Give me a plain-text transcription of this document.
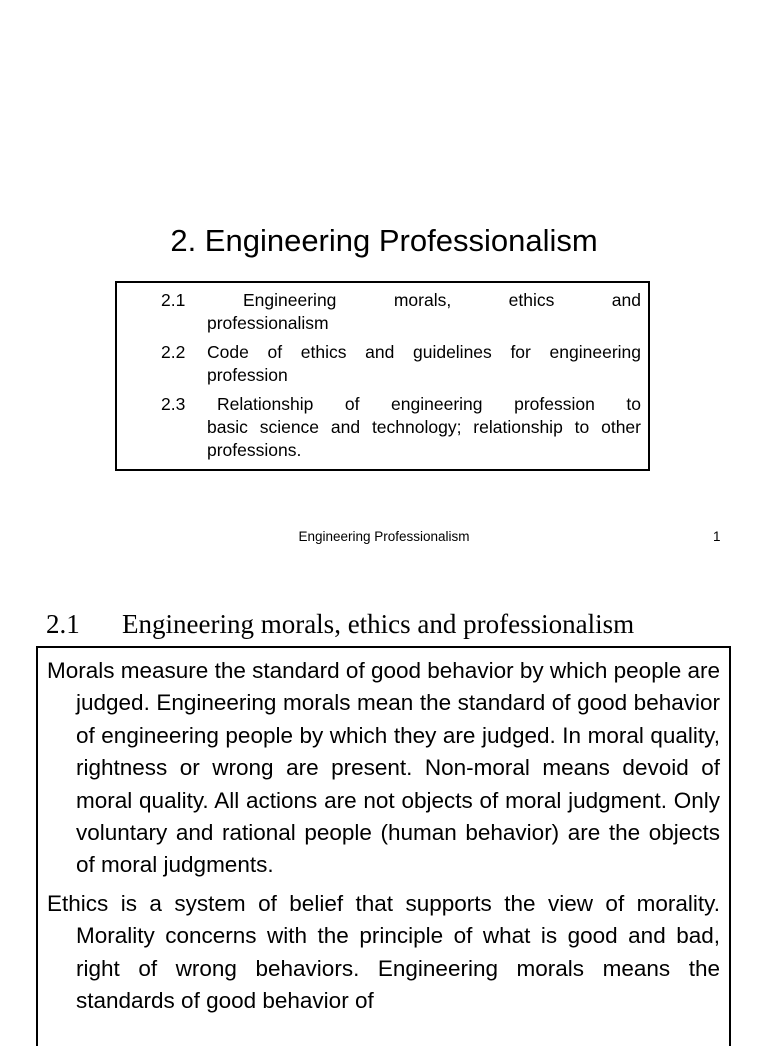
2. Engineering Professionalism
2.1	Engineering	morals,	ethics	and
professionalism
2.2	Code of ethics and guidelines for engineering
profession
2.3	Relationship of engineering profession to
basic science and technology; relationship to other professions.
Engineering Professionalism	1
2.1 Engineering morals, ethics and professionalism

Morals measure the standard of good behavior by which people are judged. Engineering morals mean the standard of good behavior of engineering people by which they are judged. In moral quality, rightness or wrong are present. Non-moral means devoid of moral quality. All actions are not objects of moral judgment. Only voluntary and rational people (human behavior) are the objects of moral judgments.

Ethics is a system of belief that supports the view of morality. Morality concerns with the principle of what is good and bad, right of wrong behaviors. Engineering morals means the standards of good behavior of
